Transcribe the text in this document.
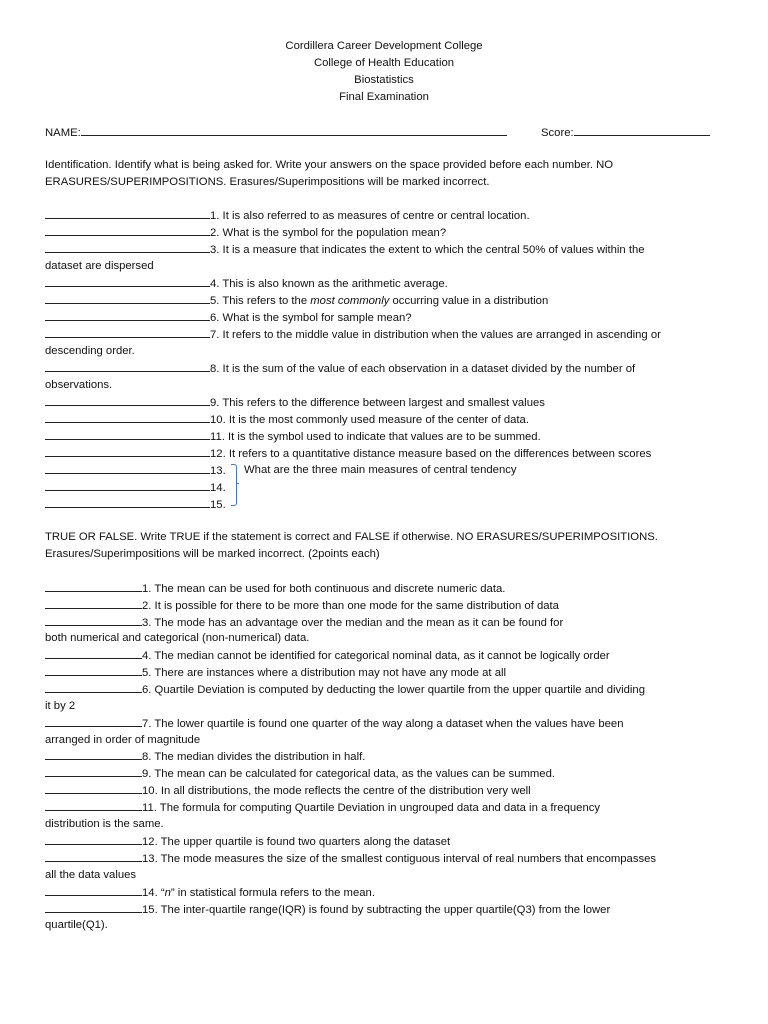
Cordillera Career Development College
College of Health Education
Biostatistics
Final Examination
NAME:	Score:
Identification. Identify what is being asked for. Write your answers on the space provided before each number. NO
ERASURES/SUPERIMPOSITIONS. Erasures/Superimpositions will be marked incorrect.
1. It is also referred to as measures of centre or central location.
2. What is the symbol for the population mean?
3. It is a measure that indicates the extent to which the central 50% of values within the
dataset are dispersed
4. This is also known as the arithmetic average.
5. This refers to the most commonly occurring value in a distribution
6. What is the symbol for sample mean?
7. It refers to the middle value in distribution when the values are arranged in ascending or
descending order.
8. It is the sum of the value of each observation in a dataset divided by the number of
observations.
9. This refers to the difference between largest and smallest values
10. It is the most commonly used measure of the center of data.
11. It is the symbol used to indicate that values are to be summed.
12. It refers to a quantitative distance measure based on the differences between scores
13. What are the three main measures of central tendency
14.
15.
TRUE OR FALSE. Write TRUE if the statement is correct and FALSE if otherwise. NO ERASURES/SUPERIMPOSITIONS.
Erasures/Superimpositions will be marked incorrect. (2points each)
1. The mean can be used for both continuous and discrete numeric data.
2. It is possible for there to be more than one mode for the same distribution of data
3. The mode has an advantage over the median and the mean as it can be found for
both numerical and categorical (non-numerical) data.
4. The median cannot be identified for categorical nominal data, as it cannot be logically order
5. There are instances where a distribution may not have any mode at all
6. Quartile Deviation is computed by deducting the lower quartile from the upper quartile and dividing
it by 2
7. The lower quartile is found one quarter of the way along a dataset when the values have been
arranged in order of magnitude
8. The median divides the distribution in half.
9. The mean can be calculated for categorical data, as the values can be summed.
10. In all distributions, the mode reflects the centre of the distribution very well
11. The formula for computing Quartile Deviation in ungrouped data and data in a frequency
distribution is the same.
12. The upper quartile is found two quarters along the dataset
13. The mode measures the size of the smallest contiguous interval of real numbers that encompasses
all the data values
14. “n” in statistical formula refers to the mean.
15. The inter-quartile range(IQR) is found by subtracting the upper quartile(Q3) from the lower
quartile(Q1).
